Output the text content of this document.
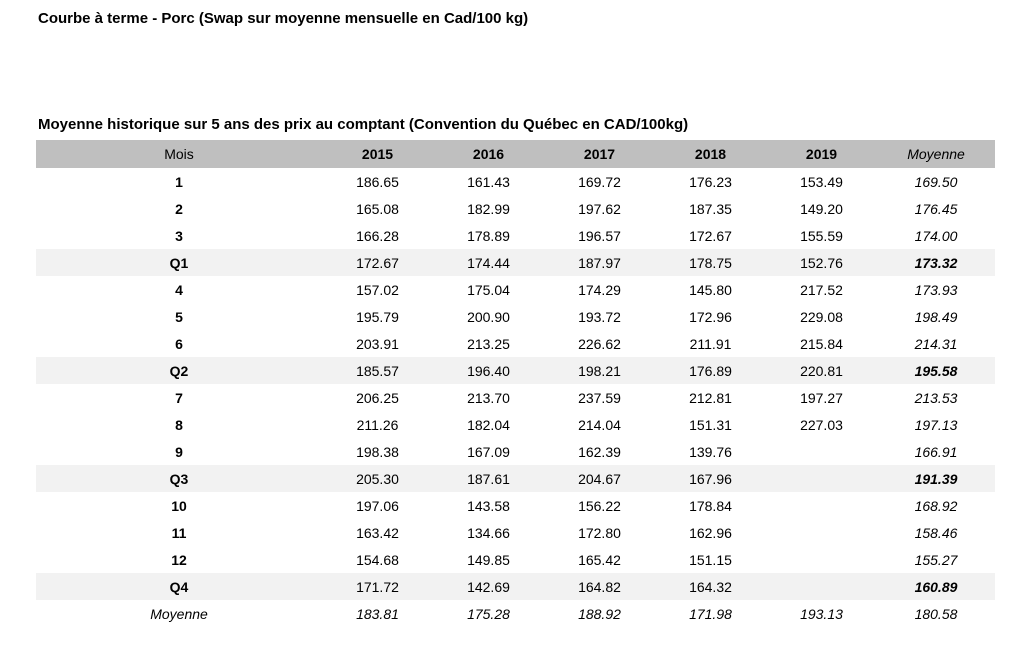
Courbe à terme - Porc (Swap sur moyenne mensuelle en Cad/100 kg)
Moyenne historique sur 5 ans des prix au comptant (Convention du Québec en CAD/100kg)
Mois	2015	2016	2017	2018	2019	Moyenne
1	186.65	161.43	169.72	176.23	153.49	169.50
2	165.08	182.99	197.62	187.35	149.20	176.45
3	166.28	178.89	196.57	172.67	155.59	174.00
Q1	172.67	174.44	187.97	178.75	152.76	173.32
4	157.02	175.04	174.29	145.80	217.52	173.93
5	195.79	200.90	193.72	172.96	229.08	198.49
6	203.91	213.25	226.62	211.91	215.84	214.31
Q2	185.57	196.40	198.21	176.89	220.81	195.58
7	206.25	213.70	237.59	212.81	197.27	213.53
8	211.26	182.04	214.04	151.31	227.03	197.13
9	198.38	167.09	162.39	139.76		166.91
Q3	205.30	187.61	204.67	167.96		191.39
10	197.06	143.58	156.22	178.84		168.92
11	163.42	134.66	172.80	162.96		158.46
12	154.68	149.85	165.42	151.15		155.27
Q4	171.72	142.69	164.82	164.32		160.89
Moyenne	183.81	175.28	188.92	171.98	193.13	180.58
